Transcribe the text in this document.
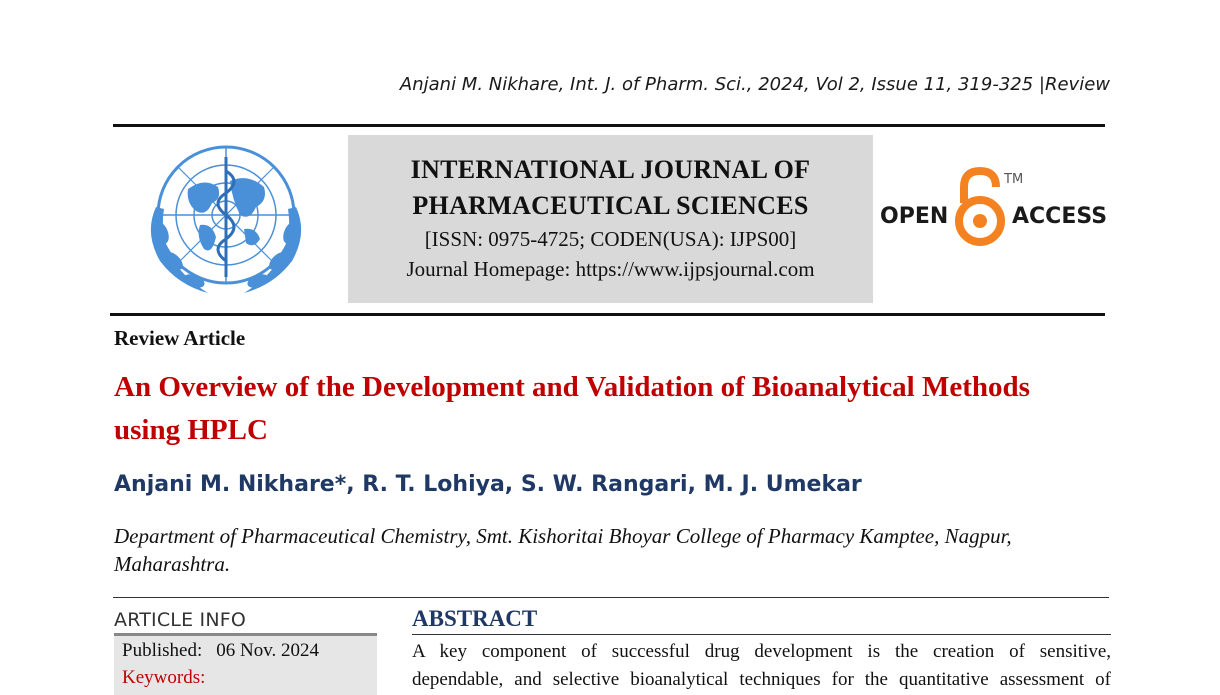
Anjani M. Nikhare, Int. J. of Pharm. Sci., 2024, Vol 2, Issue 11, 319-325 |Review
INTERNATIONAL JOURNAL OF
PHARMACEUTICAL SCIENCES
[ISSN: 0975-4725; CODEN(USA): IJPS00]
Journal Homepage: https://www.ijpsjournal.com
OPEN
TM
ACCESS
Review Article
An Overview of the Development and Validation of Bioanalytical Methods using HPLC
Anjani M. Nikhare*, R. T. Lohiya, S. W. Rangari, M. J. Umekar
Department of Pharmaceutical Chemistry, Smt. Kishoritai Bhoyar College of Pharmacy Kamptee, Nagpur, Maharashtra.
ARTICLE INFO
Published: 06 Nov. 2024
Keywords:
ABSTRACT
A key component of successful drug development is the creation of sensitive,
dependable, and selective bioanalytical techniques for the quantitative assessment of
